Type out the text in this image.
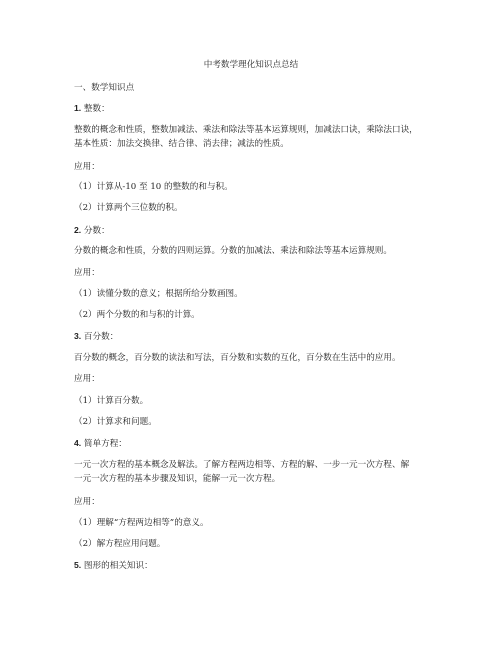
中考数学理化知识点总结
一、数学知识点
1. 整数：
整数的概念和性质，整数加减法、乘法和除法等基本运算规则，加减法口诀，乘除法口诀，
基本性质：加法交换律、结合律、消去律；减法的性质。
应用：
（1）计算从-10 至 10 的整数的和与积。
（2）计算两个三位数的积。
2. 分数：
分数的概念和性质，分数的四则运算。分数的加减法、乘法和除法等基本运算规则。
应用：
（1）读懂分数的意义；根据所给分数画图。
（2）两个分数的和与积的计算。
3. 百分数：
百分数的概念，百分数的读法和写法，百分数和实数的互化，百分数在生活中的应用。
应用：
（1）计算百分数。
（2）计算求和问题。
4. 简单方程：
一元一次方程的基本概念及解法。了解方程两边相等、方程的解、一步一元一次方程、解
一元一次方程的基本步骤及知识，能解一元一次方程。
应用：
（1）理解“方程两边相等”的意义。
（2）解方程应用问题。
5. 图形的相关知识：
